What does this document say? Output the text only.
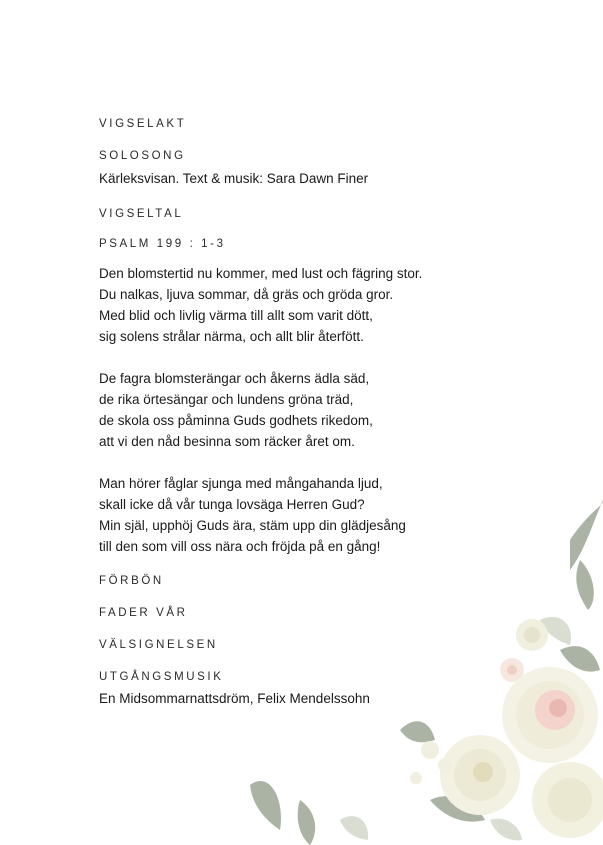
VIGSELAKT
SOLOSONG
Kärleksvisan. Text & musik: Sara Dawn Finer
VIGSELTAL
PSALM 199 : 1-3
Den blomstertid nu kommer, med lust och fägring stor.
Du nalkas, ljuva sommar, då gräs och gröda gror.
Med blid och livlig värma till allt som varit dött,
sig solens strålar närma, och allt blir återfött.
De fagra blomsterängar och åkerns ädla säd,
de rika örtesängar och lundens gröna träd,
de skola oss påminna Guds godhets rikedom,
att vi den nåd besinna som räcker året om.
Man hörer fåglar sjunga med mångahanda ljud,
skall icke då vår tunga lovsäga Herren Gud?
Min själ, upphöj Guds ära, stäm upp din glädjesång
till den som vill oss nära och fröjda på en gång!
FÖRBÖN
FADER VÅR
VÄLSIGNELSEN
UTGÅNGSMUSIK
En Midsommarnattsdröm, Felix Mendelssohn
